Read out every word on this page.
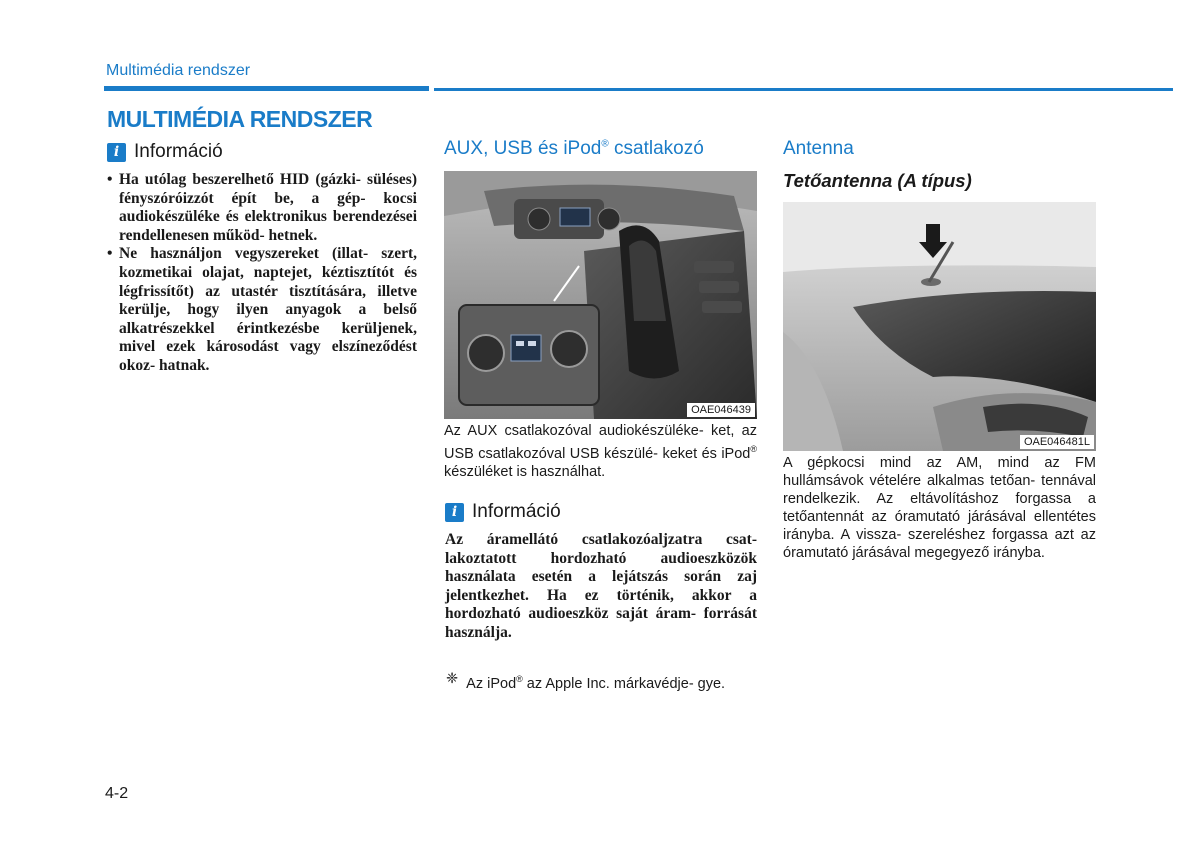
Multimédia rendszer
MULTIMÉDIA RENDSZER
i Információ
• Ha utólag beszerelhető HID (gázki- süléses) fényszóróizzót épít be, a gép- kocsi audiokészüléke és elektronikus berendezései rendellenesen működ- hetnek.
• Ne használjon vegyszereket (illat- szert, kozmetikai olajat, naptejet, kéztisztítót és légfrissítőt) az utastér tisztítására, illetve kerülje, hogy ilyen anyagok a belső alkatrészekkel érintkezésbe kerüljenek, mivel ezek károsodást vagy elszíneződést okoz- hatnak.
AUX, USB és iPod® csatlakozó
OAE046439
Az AUX csatlakozóval audiokészüléke- ket, az USB csatlakozóval USB készülé- keket és iPod® készüléket is használhat.
i Információ
Az áramellátó csatlakozóaljzatra csat- lakoztatott hordozható audioeszközök használata esetén a lejátszás során zaj jelentkezhet. Ha ez történik, akkor a hordozható audioeszköz saját áram- forrását használja.
❈ Az iPod® az Apple Inc. márkavédje- gye.
Antenna
Tetőantenna (A típus)
OAE046481L
A gépkocsi mind az AM, mind az FM hullámsávok vételére alkalmas tetőan- tennával rendelkezik. Az eltávolításhoz forgassa a tetőantennát az óramutató járásával ellentétes irányba. A vissza- szereléshez forgassa azt az óramutató járásával megegyező irányba.
4-2
